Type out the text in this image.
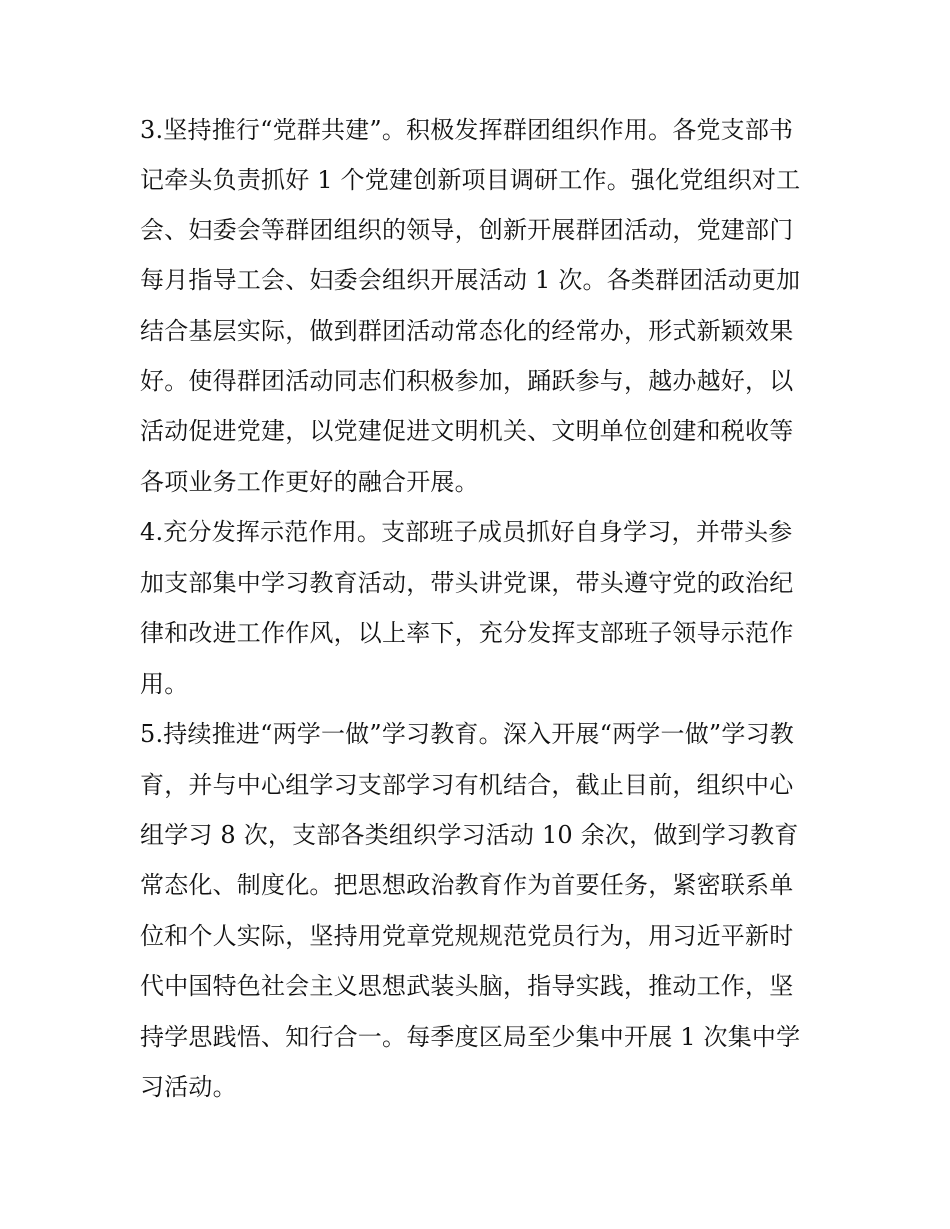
3.坚持推行“党群共建”。积极发挥群团组织作用。各党支部书
记牵头负责抓好 1 个党建创新项目调研工作。强化党组织对工
会、妇委会等群团组织的领导，创新开展群团活动，党建部门
每月指导工会、妇委会组织开展活动 1 次。各类群团活动更加
结合基层实际，做到群团活动常态化的经常办，形式新颖效果
好。使得群团活动同志们积极参加，踊跃参与，越办越好，以
活动促进党建，以党建促进文明机关、文明单位创建和税收等
各项业务工作更好的融合开展。
4.充分发挥示范作用。支部班子成员抓好自身学习，并带头参
加支部集中学习教育活动，带头讲党课，带头遵守党的政治纪
律和改进工作作风，以上率下，充分发挥支部班子领导示范作
用。
5.持续推进“两学一做”学习教育。深入开展“两学一做”学习教
育，并与中心组学习支部学习有机结合，截止目前，组织中心
组学习 8 次，支部各类组织学习活动 10 余次，做到学习教育
常态化、制度化。把思想政治教育作为首要任务，紧密联系单
位和个人实际，坚持用党章党规规范党员行为，用习近平新时
代中国特色社会主义思想武装头脑，指导实践，推动工作，坚
持学思践悟、知行合一。每季度区局至少集中开展 1 次集中学
习活动。
